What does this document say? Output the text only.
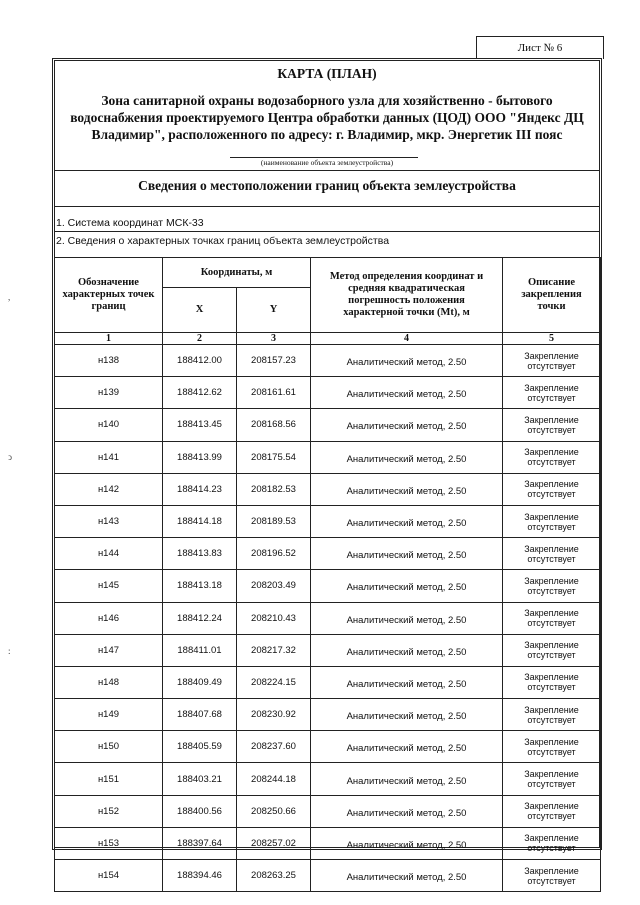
Лист № 6
КАРТА (ПЛАН)
Зона санитарной охраны водозаборного узла для хозяйственно - бытового водоснабжения проектируемого Центра обработки данных (ЦОД) ООО "Яндекс ДЦ Владимир", расположенного по адресу: г. Владимир, мкр. Энергетик III пояс
(наименование объекта землеустройства)
Сведения о местоположении границ объекта землеустройства
1. Система координат МСК-33
2. Сведения о характерных точках границ объекта землеустройства
,
ↄ
:
Обозначение характерных точек границ	Координаты, м		Метод определения координат и средняя квадратическая погрешность положения характерной точки (Mt), м	Описание закрепления точки
	X	Y		
1	2	3	4	5
н138	188412.00	208157.23	Аналитический метод, 2.50	Закрепление отсутствует
н139	188412.62	208161.61	Аналитический метод, 2.50	Закрепление отсутствует
н140	188413.45	208168.56	Аналитический метод, 2.50	Закрепление отсутствует
н141	188413.99	208175.54	Аналитический метод, 2.50	Закрепление отсутствует
н142	188414.23	208182.53	Аналитический метод, 2.50	Закрепление отсутствует
н143	188414.18	208189.53	Аналитический метод, 2.50	Закрепление отсутствует
н144	188413.83	208196.52	Аналитический метод, 2.50	Закрепление отсутствует
н145	188413.18	208203.49	Аналитический метод, 2.50	Закрепление отсутствует
н146	188412.24	208210.43	Аналитический метод, 2.50	Закрепление отсутствует
н147	188411.01	208217.32	Аналитический метод, 2.50	Закрепление отсутствует
н148	188409.49	208224.15	Аналитический метод, 2.50	Закрепление отсутствует
н149	188407.68	208230.92	Аналитический метод, 2.50	Закрепление отсутствует
н150	188405.59	208237.60	Аналитический метод, 2.50	Закрепление отсутствует
н151	188403.21	208244.18	Аналитический метод, 2.50	Закрепление отсутствует
н152	188400.56	208250.66	Аналитический метод, 2.50	Закрепление отсутствует
н153	188397.64	208257.02	Аналитический метод, 2.50	Закрепление отсутствует
н154	188394.46	208263.25	Аналитический метод, 2.50	Закрепление отсутствует
